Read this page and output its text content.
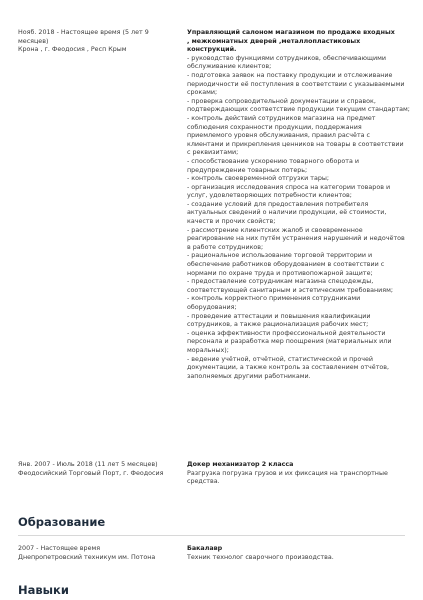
Нояб. 2018 - Настоящее время (5 лет 9 месяцев)
Крона , г. Феодосия , Респ Крым
Управляющий салоном магазином по продаже входных , межкомнатных дверей ,металлопластиковых конструкций.
- руководство функциями сотрудников, обеспечивающими
обслуживание клиентов;
- подготовка заявок на поставку продукции и отслеживание
периодичности её поступления в соответствии с указываемыми
сроками;
- проверка сопроводительной документации и справок,
подтверждающих соответствие продукции текущим стандартам;
- контроль действий сотрудников магазина на предмет
соблюдения сохранности продукции, поддержания
приемлемого уровня обслуживания, правил расчёта с
клиентами и прикрепления ценников на товары в соответствии
с реквизитами;
- способствование ускорению товарного оборота и
предупреждение товарных потерь;
- контроль своевременной отгрузки тары;
- организация исследования спроса на категории товаров и
услуг, удовлетворяющих потребности клиентов;
- создание условий для предоставления потребителя
актуальных сведений о наличии продукции, её стоимости,
качеств и прочих свойств;
- рассмотрение клиентских жалоб и своевременное
реагирование на них путём устранения нарушений и недочётов
в работе сотрудников;
- рациональное использование торговой территории и
обеспечение работников оборудованием в соответствии с
нормами по охране труда и противопожарной защите;
- предоставление сотрудникам магазина спецодежды,
соответствующей санитарным и эстетическим требованиям;
- контроль корректного применения сотрудниками
оборудования;
- проведение аттестации и повышения квалификации
сотрудников, а также рационализация рабочих мест;
- оценка эффективности профессиональной деятельности
персонала и разработка мер поощрения (материальных или
моральных);
- ведение учётной, отчётной, статистической и прочей
документации, а также контроль за составлением отчётов,
заполняемых другими работниками.
Янв. 2007 - Июль 2018 (11 лет 5 месяцев)
Феодосийский Торговый Порт, г. Феодосия
Докер механизатор 2 класса
Разгрузка погрузка грузов и их фиксация на транспортные
средства.
Образование
2007 - Настоящее время
Днепропетровский техникум им. Потона
Бакалавр
Техник технолог сварочного производства.
Навыки
